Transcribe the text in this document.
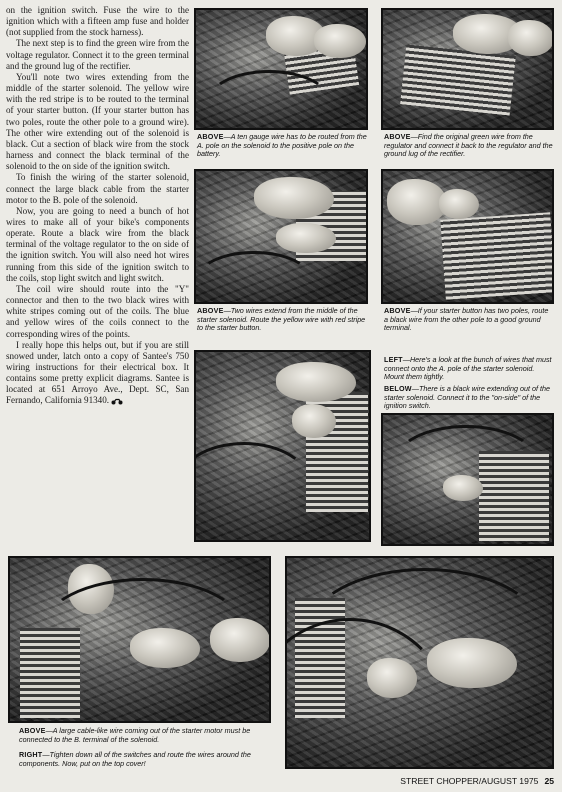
on the ignition switch. Fuse the wire to the ignition which with a fifteen amp fuse and holder (not supplied from the stock harness).

The next step is to find the green wire from the voltage regulator. Connect it to the green terminal and the ground lug of the rectifier.

You'll note two wires extending from the middle of the starter solenoid. The yellow wire with the red stripe is to be routed to the terminal of your starter button. (If your starter button has two poles, route the other pole to a ground wire). The other wire extending out of the solenoid is black. Cut a section of black wire from the stock harness and connect the black terminal of the solenoid to the on side of the ignition switch.

To finish the wiring of the starter solenoid, connect the large black cable from the starter motor to the B. pole of the solenoid.

Now, you are going to need a bunch of hot wires to make all of your bike's components operate. Route a black wire from the black terminal of the voltage regulator to the on side of the ignition switch. You will also need hot wires running from this side of the ignition switch to the coils, stop light switch and light switch.

The coil wire should route into the "Y" connector and then to the two black wires with white stripes coming out of the coils. The blue and yellow wires of the coils connect to the corresponding wires of the points.

I really hope this helps out, but if you are still snowed under, latch onto a copy of Santee's 750 wiring instructions for their electrical box. It contains some pretty explicit diagrams. Santee is located at 651 Arroyo Ave., Dept. SC, San Fernando, California 91340.

ABOVE—A ten gauge wire has to be routed from the A. pole on the solenoid to the positive pole on the battery.
ABOVE—Find the original green wire from the regulator and connect it back to the regulator and the ground lug of the rectifier.
ABOVE—Two wires extend from the middle of the starter solenoid. Route the yellow wire with red stripe to the starter button.
ABOVE—If your starter button has two poles, route a black wire from the other pole to a good ground terminal.
LEFT—Here's a look at the bunch of wires that must connect onto the A. pole of the starter solenoid. Mount them tightly.
BELOW—There is a black wire extending out of the starter solenoid. Connect it to the "on-side" of the ignition switch.
ABOVE—A large cable-like wire coming out of the starter motor must be connected to the B. terminal of the solenoid.
RIGHT—Tighten down all of the switches and route the wires around the components. Now, put on the top cover!
STREET CHOPPER/AUGUST 1975 25
